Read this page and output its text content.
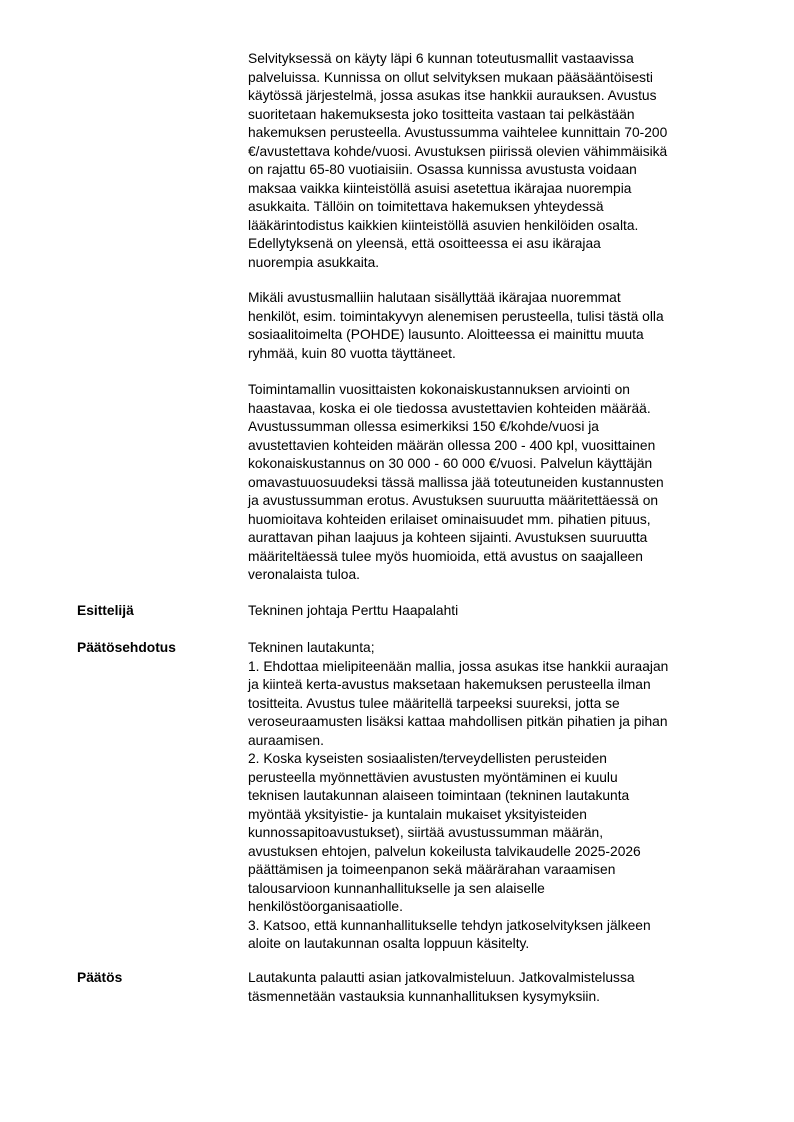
Selvityksessä on käyty läpi 6 kunnan toteutusmallit vastaavissa
palveluissa. Kunnissa on ollut selvityksen mukaan pääsääntöisesti
käytössä järjestelmä, jossa asukas itse hankkii aurauksen. Avustus
suoritetaan hakemuksesta joko tositteita vastaan tai pelkästään
hakemuksen perusteella. Avustussumma vaihtelee kunnittain 70-200
€/avustettava kohde/vuosi. Avustuksen piirissä olevien vähimmäisikä
on rajattu 65-80 vuotiaisiin. Osassa kunnissa avustusta voidaan
maksaa vaikka kiinteistöllä asuisi asetettua ikärajaa nuorempia
asukkaita. Tällöin on toimitettava hakemuksen yhteydessä
lääkärintodistus kaikkien kiinteistöllä asuvien henkilöiden osalta.
Edellytyksenä on yleensä, että osoitteessa ei asu ikärajaa
nuorempia asukkaita.
Mikäli avustusmalliin halutaan sisällyttää ikärajaa nuoremmat
henkilöt, esim. toimintakyvyn alenemisen perusteella, tulisi tästä olla
sosiaalitoimelta (POHDE) lausunto. Aloitteessa ei mainittu muuta
ryhmää, kuin 80 vuotta täyttäneet.
Toimintamallin vuosittaisten kokonaiskustannuksen arviointi on
haastavaa, koska ei ole tiedossa avustettavien kohteiden määrää.
Avustussumman ollessa esimerkiksi 150 €/kohde/vuosi ja
avustettavien kohteiden määrän ollessa 200 - 400 kpl, vuosittainen
kokonaiskustannus on 30 000 - 60 000 €/vuosi. Palvelun käyttäjän
omavastuuosuudeksi tässä mallissa jää toteutuneiden kustannusten
ja avustussumman erotus. Avustuksen suuruutta määritettäessä on
huomioitava kohteiden erilaiset ominaisuudet mm. pihatien pituus,
aurattavan pihan laajuus ja kohteen sijainti. Avustuksen suuruutta
määriteltäessä tulee myös huomioida, että avustus on saajalleen
veronalaista tuloa.
Esittelijä	Tekninen johtaja Perttu Haapalahti
Päätösehdotus	Tekninen lautakunta;
1. Ehdottaa mielipiteenään mallia, jossa asukas itse hankkii auraajan
ja kiinteä kerta-avustus maksetaan hakemuksen perusteella ilman
tositteita. Avustus tulee määritellä tarpeeksi suureksi, jotta se
veroseuraamusten lisäksi kattaa mahdollisen pitkän pihatien ja pihan
auraamisen.
2. Koska kyseisten sosiaalisten/terveydellisten perusteiden
perusteella myönnettävien avustusten myöntäminen ei kuulu
teknisen lautakunnan alaiseen toimintaan (tekninen lautakunta
myöntää yksityistie- ja kuntalain mukaiset yksityisteiden
kunnossapitoavustukset), siirtää avustussumman määrän,
avustuksen ehtojen, palvelun kokeilusta talvikaudelle 2025-2026
päättämisen ja toimeenpanon sekä määrärahan varaamisen
talousarvioon kunnanhallitukselle ja sen alaiselle
henkilöstöorganisaatiolle.
3. Katsoo, että kunnanhallitukselle tehdyn jatkoselvityksen jälkeen
aloite on lautakunnan osalta loppuun käsitelty.
Päätös	Lautakunta palautti asian jatkovalmisteluun. Jatkovalmistelussa
täsmennetään vastauksia kunnanhallituksen kysymyksiin.
